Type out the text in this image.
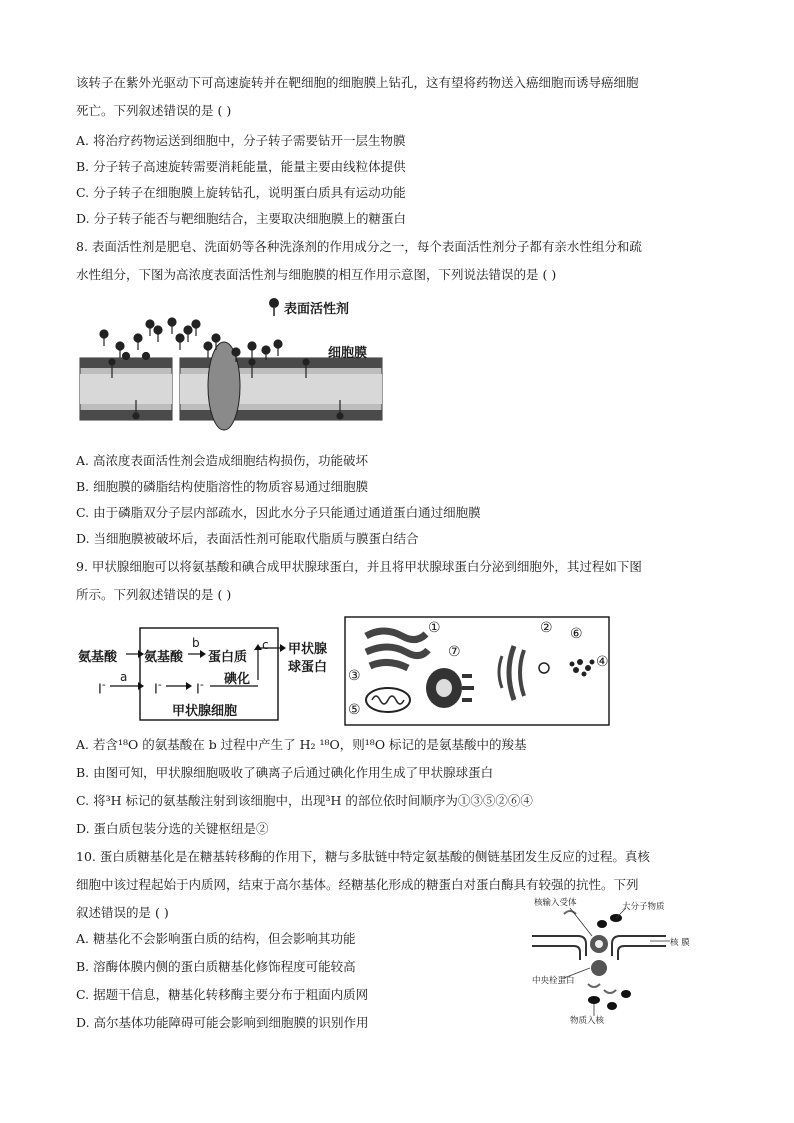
该转子在紫外光驱动下可高速旋转并在靶细胞的细胞膜上钻孔，这有望将药物送入癌细胞而诱导癌细胞
死亡。下列叙述错误的是 ( )
A. 将治疗药物运送到细胞中，分子转子需要钻开一层生物膜
B. 分子转子高速旋转需要消耗能量，能量主要由线粒体提供
C. 分子转子在细胞膜上旋转钻孔，说明蛋白质具有运动功能
D. 分子转子能否与靶细胞结合，主要取决细胞膜上的糖蛋白
8. 表面活性剂是肥皂、洗面奶等各种洗涤剂的作用成分之一，每个表面活性剂分子都有亲水性组分和疏
水性组分，下图为高浓度表面活性剂与细胞膜的相互作用示意图，下列说法错误的是 ( )
表面活性剂
细胞膜
A. 高浓度表面活性剂会造成细胞结构损伤，功能破坏
B. 细胞膜的磷脂结构使脂溶性的物质容易通过细胞膜
C. 由于磷脂双分子层内部疏水，因此水分子只能通过通道蛋白通过细胞膜
D. 当细胞膜被破坏后，表面活性剂可能取代脂质与膜蛋白结合
9. 甲状腺细胞可以将氨基酸和碘合成甲状腺球蛋白，并且将甲状腺球蛋白分泌到细胞外，其过程如下图
所示。下列叙述错误的是 ( )
氨基酸 氨基酸 蛋白质
碘化
甲状腺
球蛋白
甲状腺细胞
b	c
a
I-	I-	I-
①	②
③
④
⑤
⑥
⑦
A. 若含¹⁸O 的氨基酸在 b 过程中产生了 H₂ ¹⁸O，则¹⁸O 标记的是氨基酸中的羧基
B. 由图可知，甲状腺细胞吸收了碘离子后通过碘化作用生成了甲状腺球蛋白
C. 将³H 标记的氨基酸注射到该细胞中，出现³H 的部位依时间顺序为①③⑤②⑥④
D. 蛋白质包装分选的关键枢纽是②
10. 蛋白质糖基化是在糖基转移酶的作用下，糖与多肽链中特定氨基酸的侧链基团发生反应的过程。真核
细胞中该过程起始于内质网，结束于高尔基体。经糖基化形成的糖蛋白对蛋白酶具有较强的抗性。下列
叙述错误的是 ( )
A. 糖基化不会影响蛋白质的结构，但会影响其功能
B. 溶酶体膜内侧的蛋白质糖基化修饰程度可能较高
C. 据题干信息，糖基化转移酶主要分布于粗面内质网
D. 高尔基体功能障碍可能会影响到细胞膜的识别作用
核输入受体	大分子物质
核 膜
中央栓蛋白
物质入核
